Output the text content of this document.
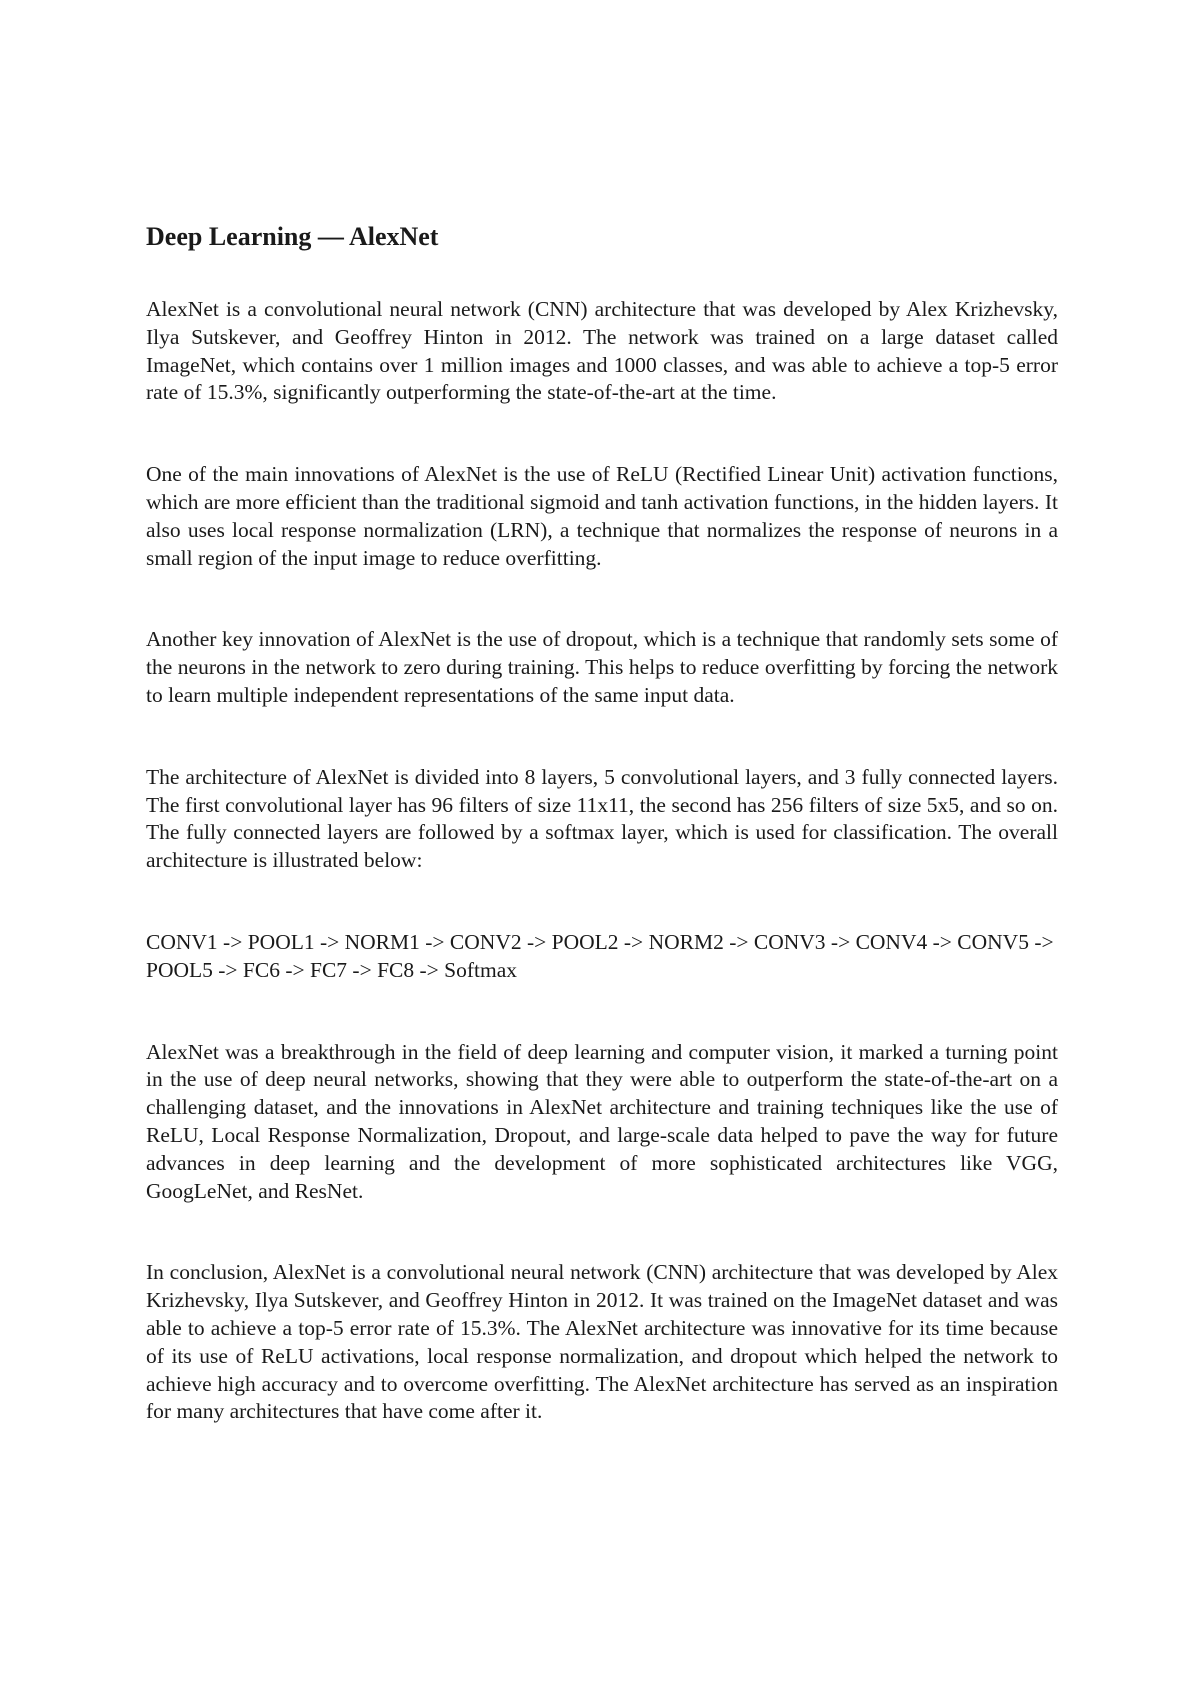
Deep Learning — AlexNet

AlexNet is a convolutional neural network (CNN) architecture that was developed by Alex Krizhevsky, Ilya Sutskever, and Geoffrey Hinton in 2012. The network was trained on a large dataset called ImageNet, which contains over 1 million images and 1000 classes, and was able to achieve a top-5 error rate of 15.3%, significantly outperforming the state-of-the-art at the time.

One of the main innovations of AlexNet is the use of ReLU (Rectified Linear Unit) activation functions, which are more efficient than the traditional sigmoid and tanh activation functions, in the hidden layers. It also uses local response normalization (LRN), a technique that normalizes the response of neurons in a small region of the input image to reduce overfitting.

Another key innovation of AlexNet is the use of dropout, which is a technique that randomly sets some of the neurons in the network to zero during training. This helps to reduce overfitting by forcing the network to learn multiple independent representations of the same input data.

The architecture of AlexNet is divided into 8 layers, 5 convolutional layers, and 3 fully connected layers. The first convolutional layer has 96 filters of size 11x11, the second has 256 filters of size 5x5, and so on. The fully connected layers are followed by a softmax layer, which is used for classification. The overall architecture is illustrated below:

CONV1 -> POOL1 -> NORM1 -> CONV2 -> POOL2 -> NORM2 -> CONV3 -> CONV4 -> CONV5 -> POOL5 -> FC6 -> FC7 -> FC8 -> Softmax

AlexNet was a breakthrough in the field of deep learning and computer vision, it marked a turning point in the use of deep neural networks, showing that they were able to outperform the state-of-the-art on a challenging dataset, and the innovations in AlexNet architecture and training techniques like the use of ReLU, Local Response Normalization, Dropout, and large-scale data helped to pave the way for future advances in deep learning and the development of more sophisticated architectures like VGG, GoogLeNet, and ResNet.

In conclusion, AlexNet is a convolutional neural network (CNN) architecture that was developed by Alex Krizhevsky, Ilya Sutskever, and Geoffrey Hinton in 2012. It was trained on the ImageNet dataset and was able to achieve a top-5 error rate of 15.3%. The AlexNet architecture was innovative for its time because of its use of ReLU activations, local response normalization, and dropout which helped the network to achieve high accuracy and to overcome overfitting. The AlexNet architecture has served as an inspiration for many architectures that have come after it.
